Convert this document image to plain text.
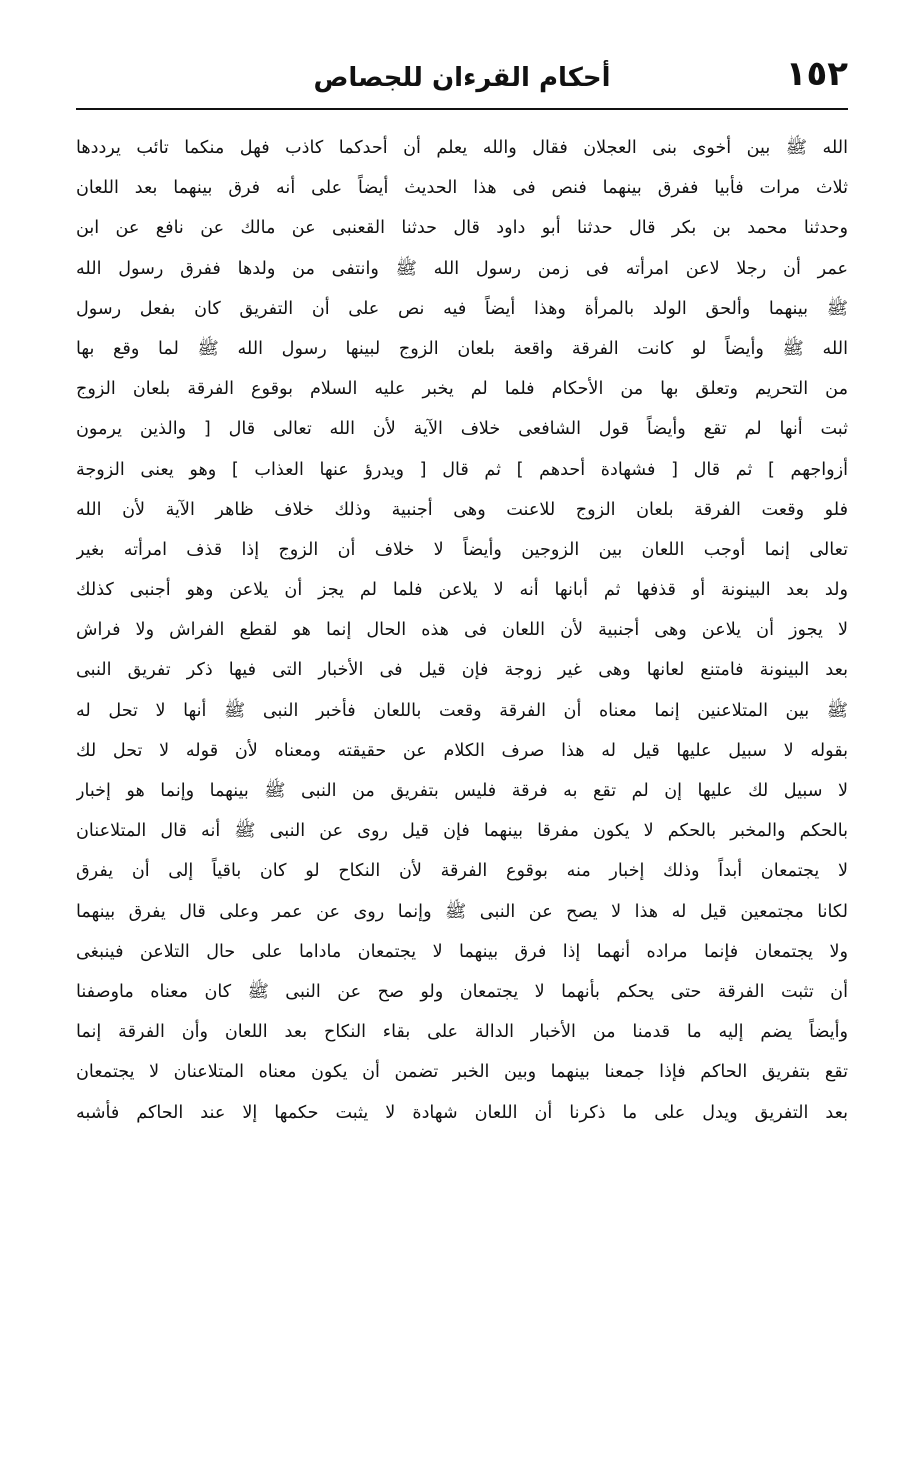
١٥٢
أحكام القرءان للجصاص
الله ﷺ بين أخوى بنى العجلان فقال والله يعلم أن أحدكما كاذب فهل منكما تائب يرددها
ثلاث مرات فأبيا ففرق بينهما فنص فى هذا الحديث أيضاً على أنه فرق بينهما بعد اللعان
وحدثنا محمد بن بكر قال حدثنا أبو داود قال حدثنا القعنبى عن مالك عن نافع عن ابن
عمر أن رجلا لاعن امرأته فى زمن رسول الله ﷺ وانتفى من ولدها ففرق رسول الله
ﷺ بينهما وألحق الولد بالمرأة وهذا أيضاً فيه نص على أن التفريق كان بفعل رسول
الله ﷺ وأيضاً لو كانت الفرقة واقعة بلعان الزوج لبينها رسول الله ﷺ لما وقع بها
من التحريم وتعلق بها من الأحكام فلما لم يخبر عليه السلام بوقوع الفرقة بلعان الزوج
ثبت أنها لم تقع وأيضاً قول الشافعى خلاف الآية لأن الله تعالى قال [ والذين يرمون
أزواجهم ] ثم قال [ فشهادة أحدهم ] ثم قال [ ويدرؤ عنها العذاب ] وهو يعنى الزوجة
فلو وقعت الفرقة بلعان الزوج للاعنت وهى أجنبية وذلك خلاف ظاهر الآية لأن الله
تعالى إنما أوجب اللعان بين الزوجين وأيضاً لا خلاف أن الزوج إذا قذف امرأته بغير
ولد بعد البينونة أو قذفها ثم أبانها أنه لا يلاعن فلما لم يجز أن يلاعن وهو أجنبى كذلك
لا يجوز أن يلاعن وهى أجنبية لأن اللعان فى هذه الحال إنما هو لقطع الفراش ولا فراش
بعد البينونة فامتنع لعانها وهى غير زوجة فإن قيل فى الأخبار التى فيها ذكر تفريق النبى
ﷺ بين المتلاعنين إنما معناه أن الفرقة وقعت باللعان فأخبر النبى ﷺ أنها لا تحل له
بقوله لا سبيل عليها قيل له هذا صرف الكلام عن حقيقته ومعناه لأن قوله لا تحل لك
لا سبيل لك عليها إن لم تقع به فرقة فليس بتفريق من النبى ﷺ بينهما وإنما هو إخبار
بالحكم والمخبر بالحكم لا يكون مفرقا بينهما فإن قيل روى عن النبى ﷺ أنه قال المتلاعنان
لا يجتمعان أبداً وذلك إخبار منه بوقوع الفرقة لأن النكاح لو كان باقياً إلى أن يفرق
لكانا مجتمعين قيل له هذا لا يصح عن النبى ﷺ وإنما روى عن عمر وعلى قال يفرق بينهما
ولا يجتمعان فإنما مراده أنهما إذا فرق بينهما لا يجتمعان ماداما على حال التلاعن فينبغى
أن تثبت الفرقة حتى يحكم بأنهما لا يجتمعان ولو صح عن النبى ﷺ كان معناه ماوصفنا
وأيضاً يضم إليه ما قدمنا من الأخبار الدالة على بقاء النكاح بعد اللعان وأن الفرقة إنما
تقع بتفريق الحاكم فإذا جمعنا بينهما وبين الخبر تضمن أن يكون معناه المتلاعنان لا يجتمعان
بعد التفريق ويدل على ما ذكرنا أن اللعان شهادة لا يثبت حكمها إلا عند الحاكم فأشبه
